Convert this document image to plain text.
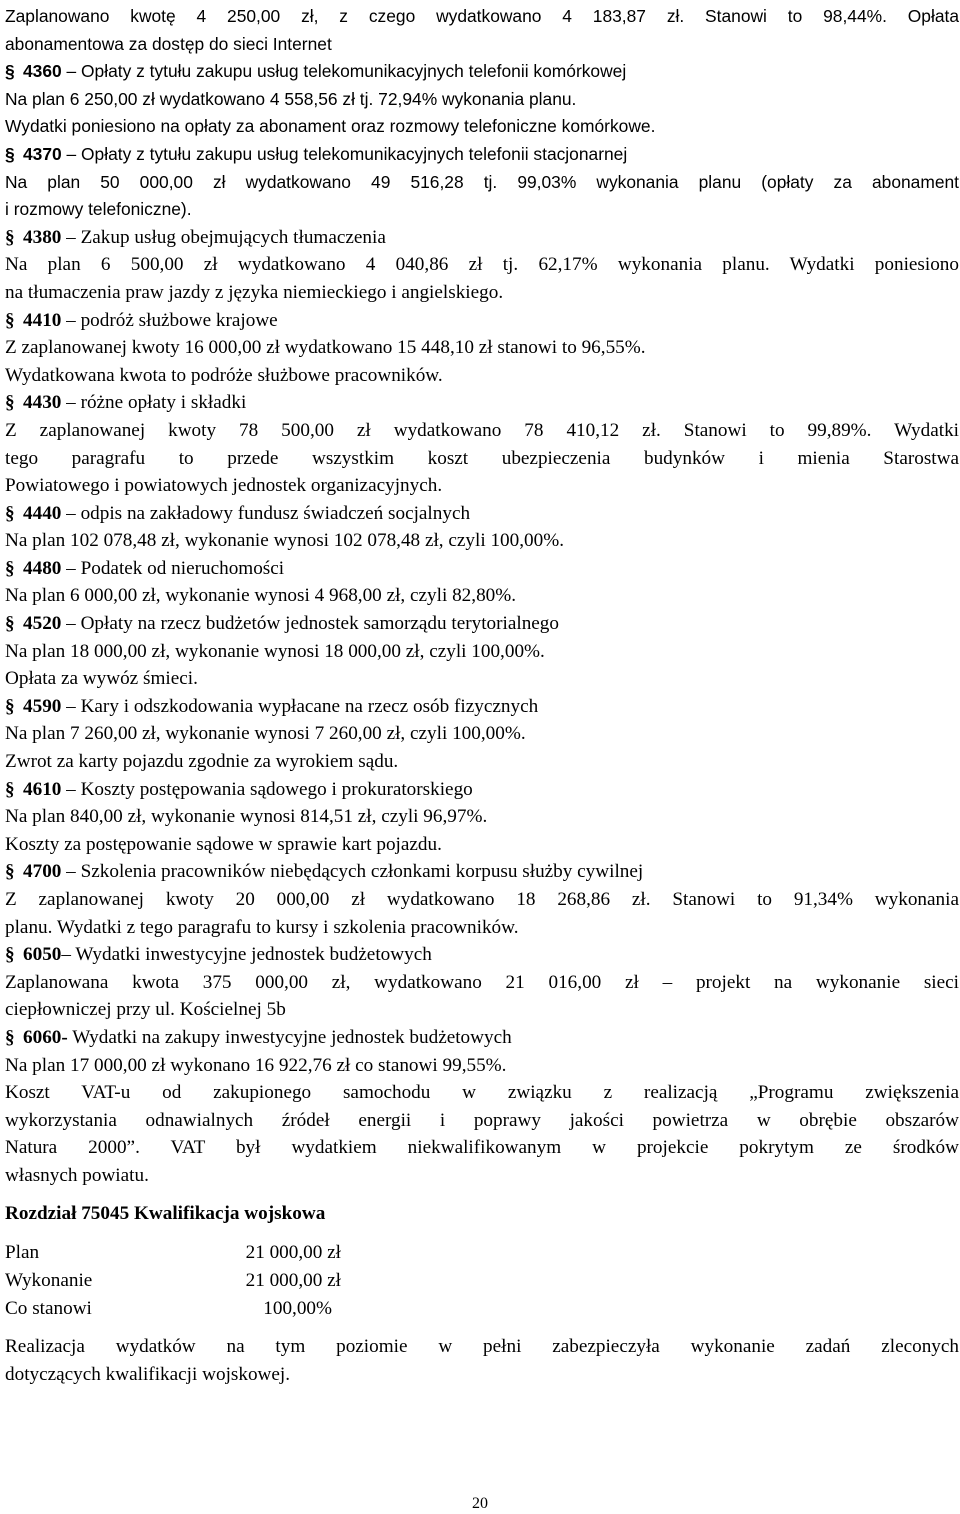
Zaplanowano kwotę 4 250,00 zł, z czego wydatkowano 4 183,87 zł. Stanowi to 98,44%. Opłata
abonamentowa za dostęp do sieci Internet
§ 4360 – Opłaty z tytułu zakupu usług telekomunikacyjnych telefonii komórkowej
Na plan 6 250,00 zł wydatkowano 4 558,56 zł tj. 72,94% wykonania planu.
Wydatki poniesiono na opłaty za abonament oraz rozmowy telefoniczne komórkowe.
§ 4370 – Opłaty z tytułu zakupu usług telekomunikacyjnych telefonii stacjonarnej
Na plan 50 000,00 zł wydatkowano 49 516,28 tj. 99,03% wykonania planu (opłaty za abonament
i rozmowy telefoniczne).
§ 4380 – Zakup usług obejmujących tłumaczenia
Na plan 6 500,00 zł wydatkowano 4 040,86 zł tj. 62,17% wykonania planu. Wydatki poniesiono
na tłumaczenia praw jazdy z języka niemieckiego i angielskiego.
§ 4410 – podróż służbowe krajowe
Z zaplanowanej kwoty 16 000,00 zł wydatkowano 15 448,10 zł stanowi to 96,55%.
Wydatkowana kwota to podróże służbowe pracowników.
§ 4430 – różne opłaty i składki
Z zaplanowanej kwoty 78 500,00 zł wydatkowano 78 410,12 zł. Stanowi to 99,89%. Wydatki
tego paragrafu to przede wszystkim koszt ubezpieczenia budynków i mienia Starostwa
Powiatowego i powiatowych jednostek organizacyjnych.
§ 4440 – odpis na zakładowy fundusz świadczeń socjalnych
Na plan 102 078,48 zł, wykonanie wynosi 102 078,48 zł, czyli 100,00%.
§ 4480 – Podatek od nieruchomości
Na plan 6 000,00 zł, wykonanie wynosi 4 968,00 zł, czyli 82,80%.
§ 4520 – Opłaty na rzecz budżetów jednostek samorządu terytorialnego
Na plan 18 000,00 zł, wykonanie wynosi 18 000,00 zł, czyli 100,00%.
Opłata za wywóz śmieci.
§ 4590 – Kary i odszkodowania wypłacane na rzecz osób fizycznych
Na plan 7 260,00 zł, wykonanie wynosi 7 260,00 zł, czyli 100,00%.
Zwrot za karty pojazdu zgodnie za wyrokiem sądu.
§ 4610 – Koszty postępowania sądowego i prokuratorskiego
Na plan 840,00 zł, wykonanie wynosi 814,51 zł, czyli 96,97%.
Koszty za postępowanie sądowe w sprawie kart pojazdu.
§ 4700 – Szkolenia pracowników niebędących członkami korpusu służby cywilnej
Z zaplanowanej kwoty 20 000,00 zł wydatkowano 18 268,86 zł. Stanowi to 91,34% wykonania
planu. Wydatki z tego paragrafu to kursy i szkolenia pracowników.
§ 6050– Wydatki inwestycyjne jednostek budżetowych
Zaplanowana kwota 375 000,00 zł, wydatkowano 21 016,00 zł – projekt na wykonanie sieci
ciepłowniczej przy ul. Kościelnej 5b
§ 6060- Wydatki na zakupy inwestycyjne jednostek budżetowych
Na plan 17 000,00 zł wykonano 16 922,76 zł co stanowi 99,55%.
Koszt VAT-u od zakupionego samochodu w związku z realizacją „Programu zwiększenia
wykorzystania odnawialnych źródeł energii i poprawy jakości powietrza w obrębie obszarów
Natura 2000”. VAT był wydatkiem niekwalifikowanym w projekcie pokrytym ze środków
własnych powiatu.
Rozdział 75045 Kwalifikacja wojskowa
Plan	21 000,00 zł
Wykonanie	21 000,00 zł
Co stanowi	100,00%
Realizacja wydatków na tym poziomie w pełni zabezpieczyła wykonanie zadań zleconych
dotyczących kwalifikacji wojskowej.
20
